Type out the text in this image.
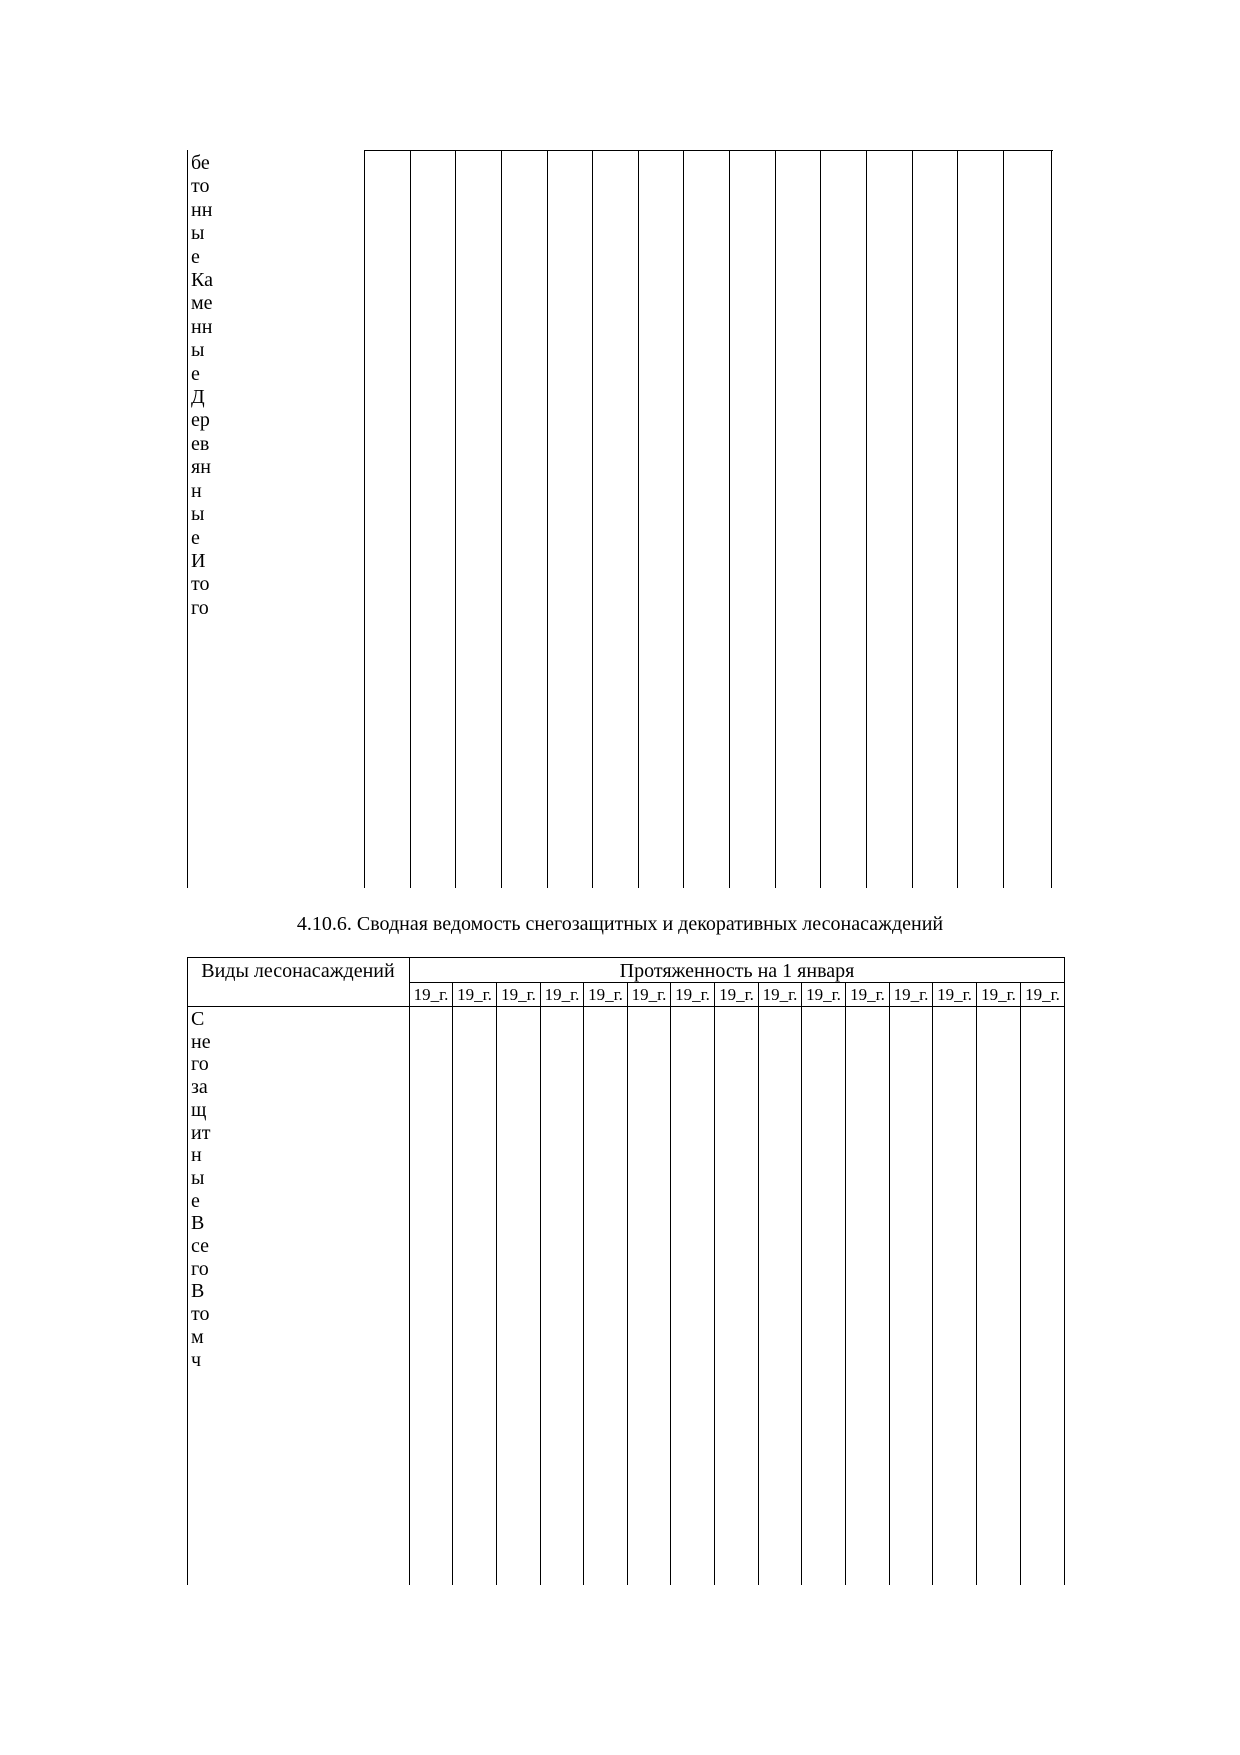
бетонныеКаменныеДеревянныеИтого
4.10.6. Сводная ведомость снегозащитных и декоративных лесонасаждений
Виды лесонасаждений	Протяженность на 1 января
19_г. 19_г. 19_г. 19_г. 19_г. 19_г. 19_г. 19_г. 19_г. 19_г. 19_г. 19_г. 19_г. 19_г. 19_г.
СнегозащитныеВсегоВ том ч
